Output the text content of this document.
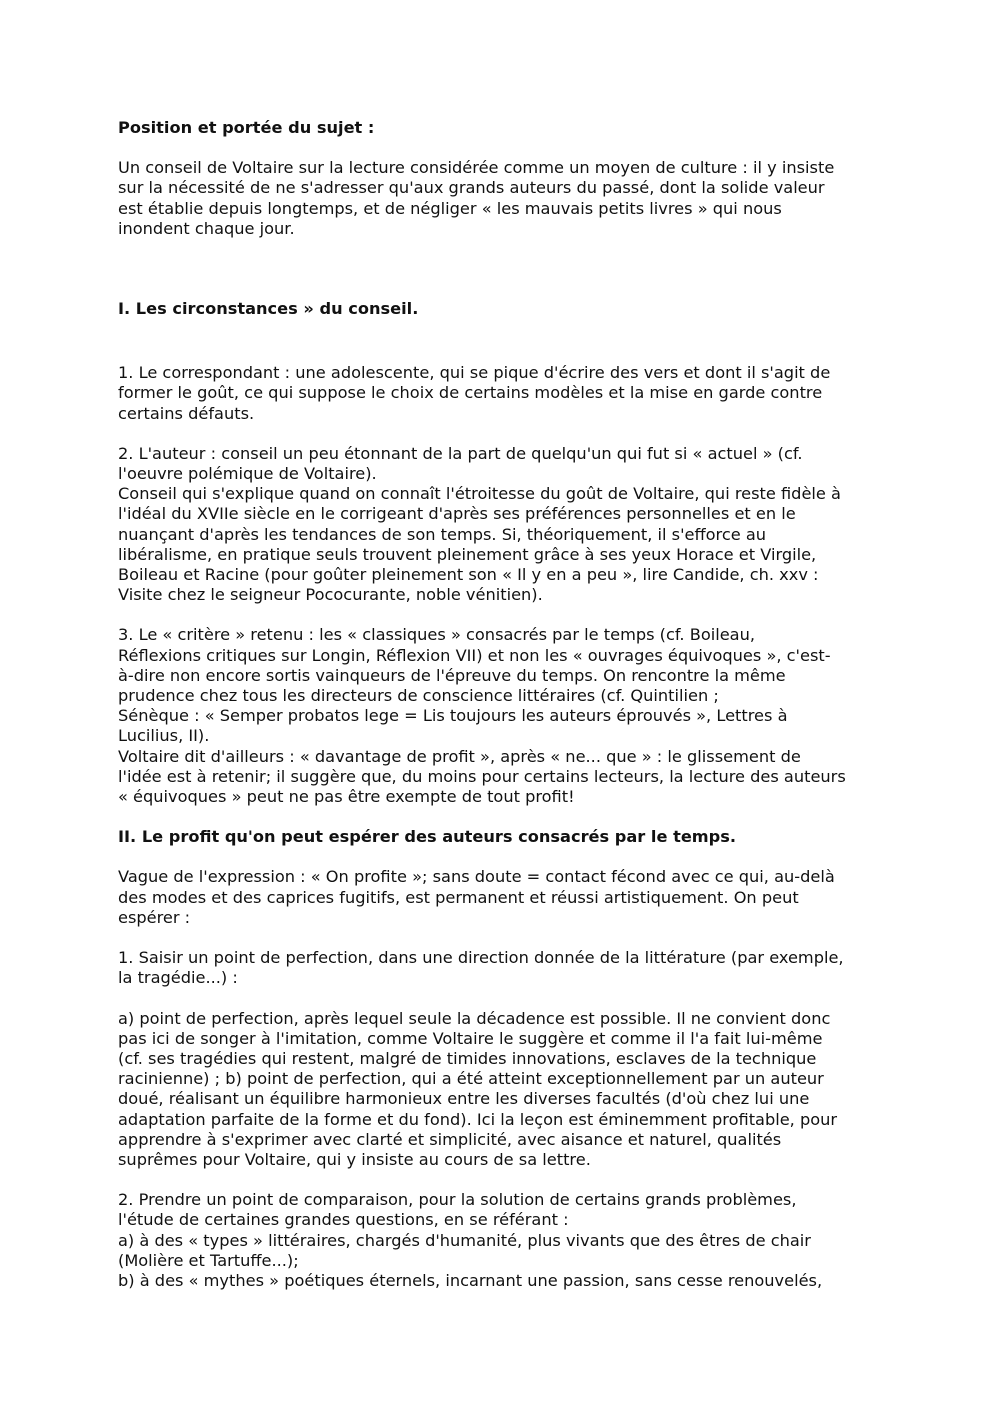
Position et portée du sujet :

Un conseil de Voltaire sur la lecture considérée comme un moyen de culture : il y insiste
sur la nécessité de ne s'adresser qu'aux grands auteurs du passé, dont la solide valeur
est établie depuis longtemps, et de négliger « les mauvais petits livres » qui nous
inondent chaque jour.

I. Les circonstances » du conseil.

1. Le correspondant : une adolescente, qui se pique d'écrire des vers et dont il s'agit de
former le goût, ce qui suppose le choix de certains modèles et la mise en garde contre
certains défauts.

2. L'auteur : conseil un peu étonnant de la part de quelqu'un qui fut si « actuel » (cf.
l'oeuvre polémique de Voltaire).
Conseil qui s'explique quand on connaît l'étroitesse du goût de Voltaire, qui reste fidèle à
l'idéal du XVIIe siècle en le corrigeant d'après ses préférences personnelles et en le
nuançant d'après les tendances de son temps. Si, théoriquement, il s'efforce au
libéralisme, en pratique seuls trouvent pleinement grâce à ses yeux Horace et Virgile,
Boileau et Racine (pour goûter pleinement son « Il y en a peu », lire Candide, ch. xxv :
Visite chez le seigneur Pococurante, noble vénitien).

3. Le « critère » retenu : les « classiques » consacrés par le temps (cf. Boileau,
Réflexions critiques sur Longin, Réflexion VII) et non les « ouvrages équivoques », c'est-
à-dire non encore sortis vainqueurs de l'épreuve du temps. On rencontre la même
prudence chez tous les directeurs de conscience littéraires (cf. Quintilien ;
Sénèque : « Semper probatos lege = Lis toujours les auteurs éprouvés », Lettres à
Lucilius, II).
Voltaire dit d'ailleurs : « davantage de profit », après « ne... que » : le glissement de
l'idée est à retenir; il suggère que, du moins pour certains lecteurs, la lecture des auteurs
« équivoques » peut ne pas être exempte de tout profit!

II. Le profit qu'on peut espérer des auteurs consacrés par le temps.

Vague de l'expression : « On profite »; sans doute = contact fécond avec ce qui, au-delà
des modes et des caprices fugitifs, est permanent et réussi artistiquement. On peut
espérer :

1. Saisir un point de perfection, dans une direction donnée de la littérature (par exemple,
la tragédie...) :

a) point de perfection, après lequel seule la décadence est possible. Il ne convient donc
pas ici de songer à l'imitation, comme Voltaire le suggère et comme il l'a fait lui-même
(cf. ses tragédies qui restent, malgré de timides innovations, esclaves de la technique
racinienne) ; b) point de perfection, qui a été atteint exceptionnellement par un auteur
doué, réalisant un équilibre harmonieux entre les diverses facultés (d'où chez lui une
adaptation parfaite de la forme et du fond). Ici la leçon est éminemment profitable, pour
apprendre à s'exprimer avec clarté et simplicité, avec aisance et naturel, qualités
suprêmes pour Voltaire, qui y insiste au cours de sa lettre.

2. Prendre un point de comparaison, pour la solution de certains grands problèmes,
l'étude de certaines grandes questions, en se référant :
a) à des « types » littéraires, chargés d'humanité, plus vivants que des êtres de chair
(Molière et Tartuffe...);
b) à des « mythes » poétiques éternels, incarnant une passion, sans cesse renouvelés,
